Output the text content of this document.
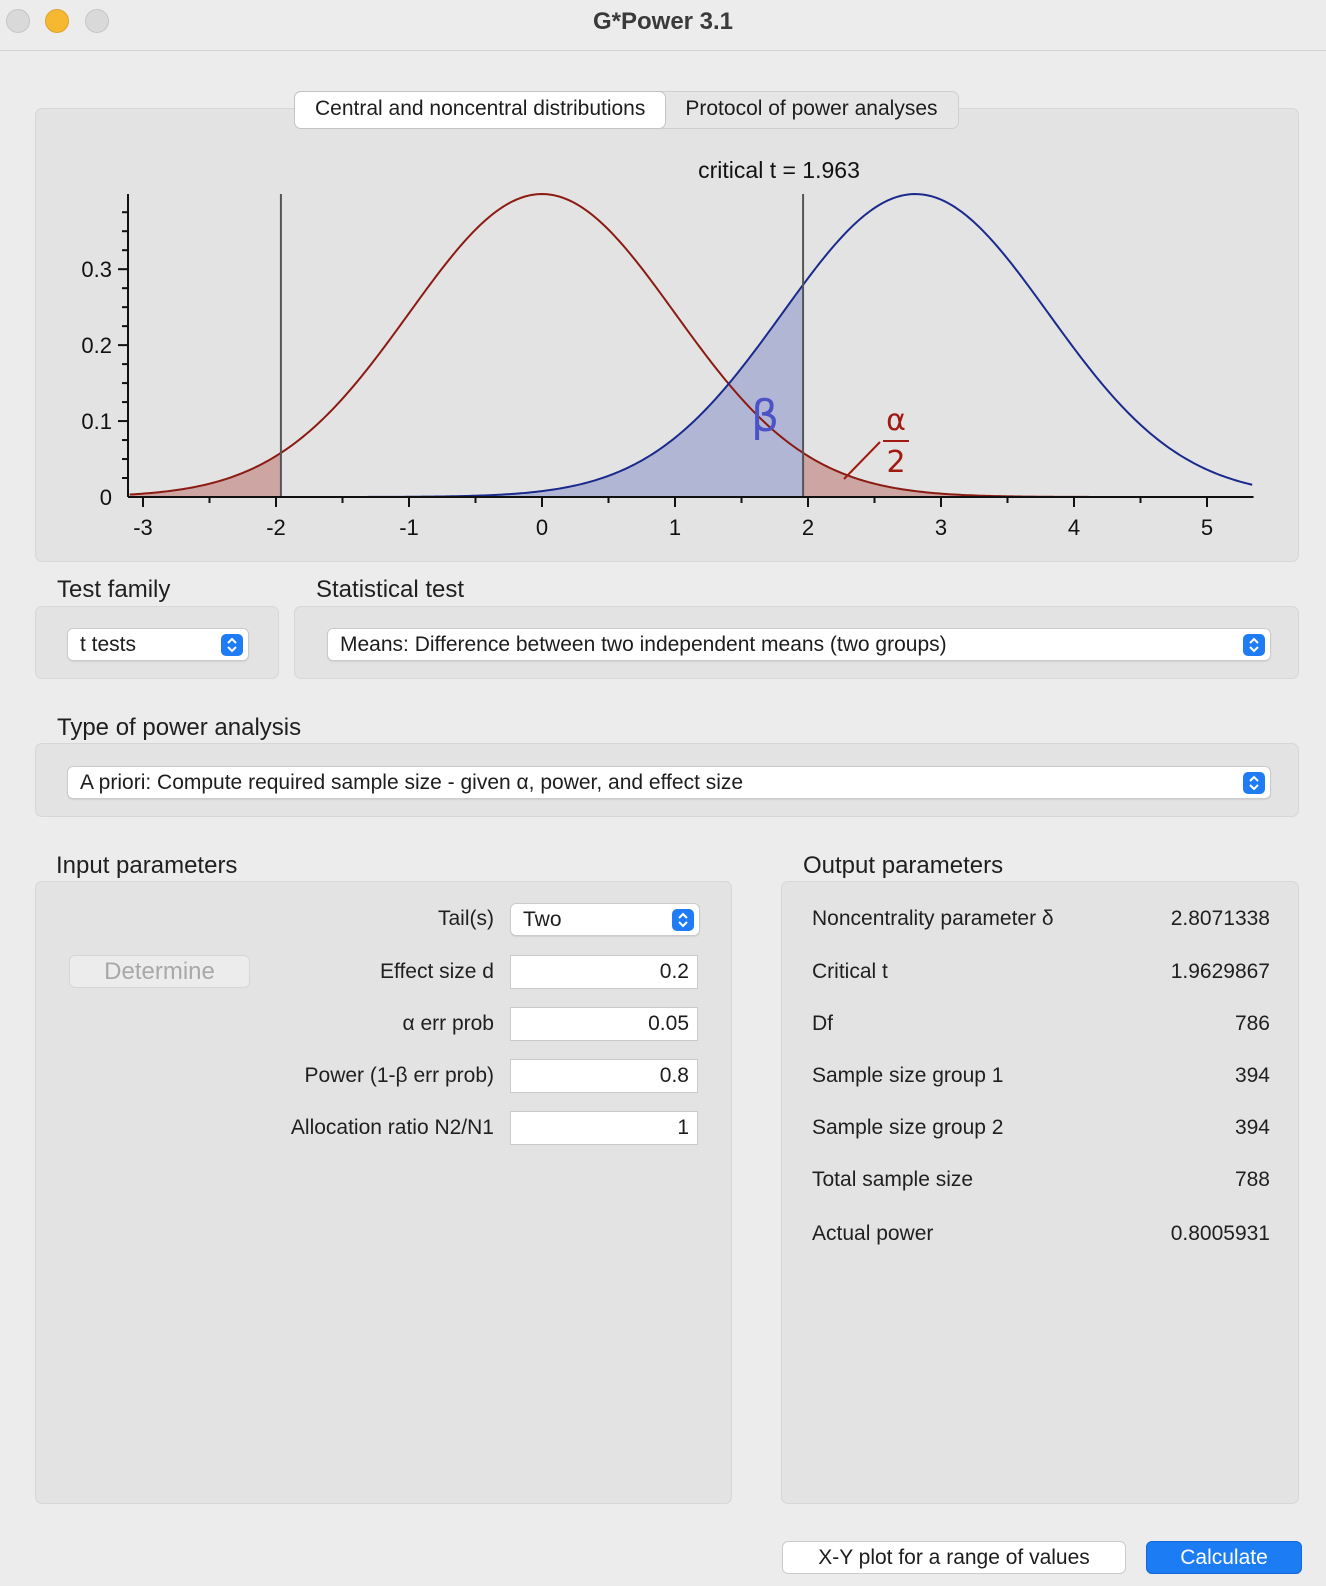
G*Power 3.1
Central and noncentral distributions	Protocol of power analyses
-3	-2	-1	0	1	2	3	4	5
0
0.1
0.2
0.3
critical t = 1.963
β	α
2
Test family
t tests
Statistical test
Means: Difference between two independent means (two groups)
Type of power analysis
A priori: Compute required sample size - given α, power, and effect size
Input parameters
Tail(s)	Two
Determine	Effect size d	0.2
α err prob	0.05
Power (1-β err prob)	0.8
Allocation ratio N2/N1	1
Output parameters
Noncentrality parameter δ	2.8071338
Critical t	1.9629867
Df	786
Sample size group 1	394
Sample size group 2	394
Total sample size	788
Actual power	0.8005931
X-Y plot for a range of values	Calculate
